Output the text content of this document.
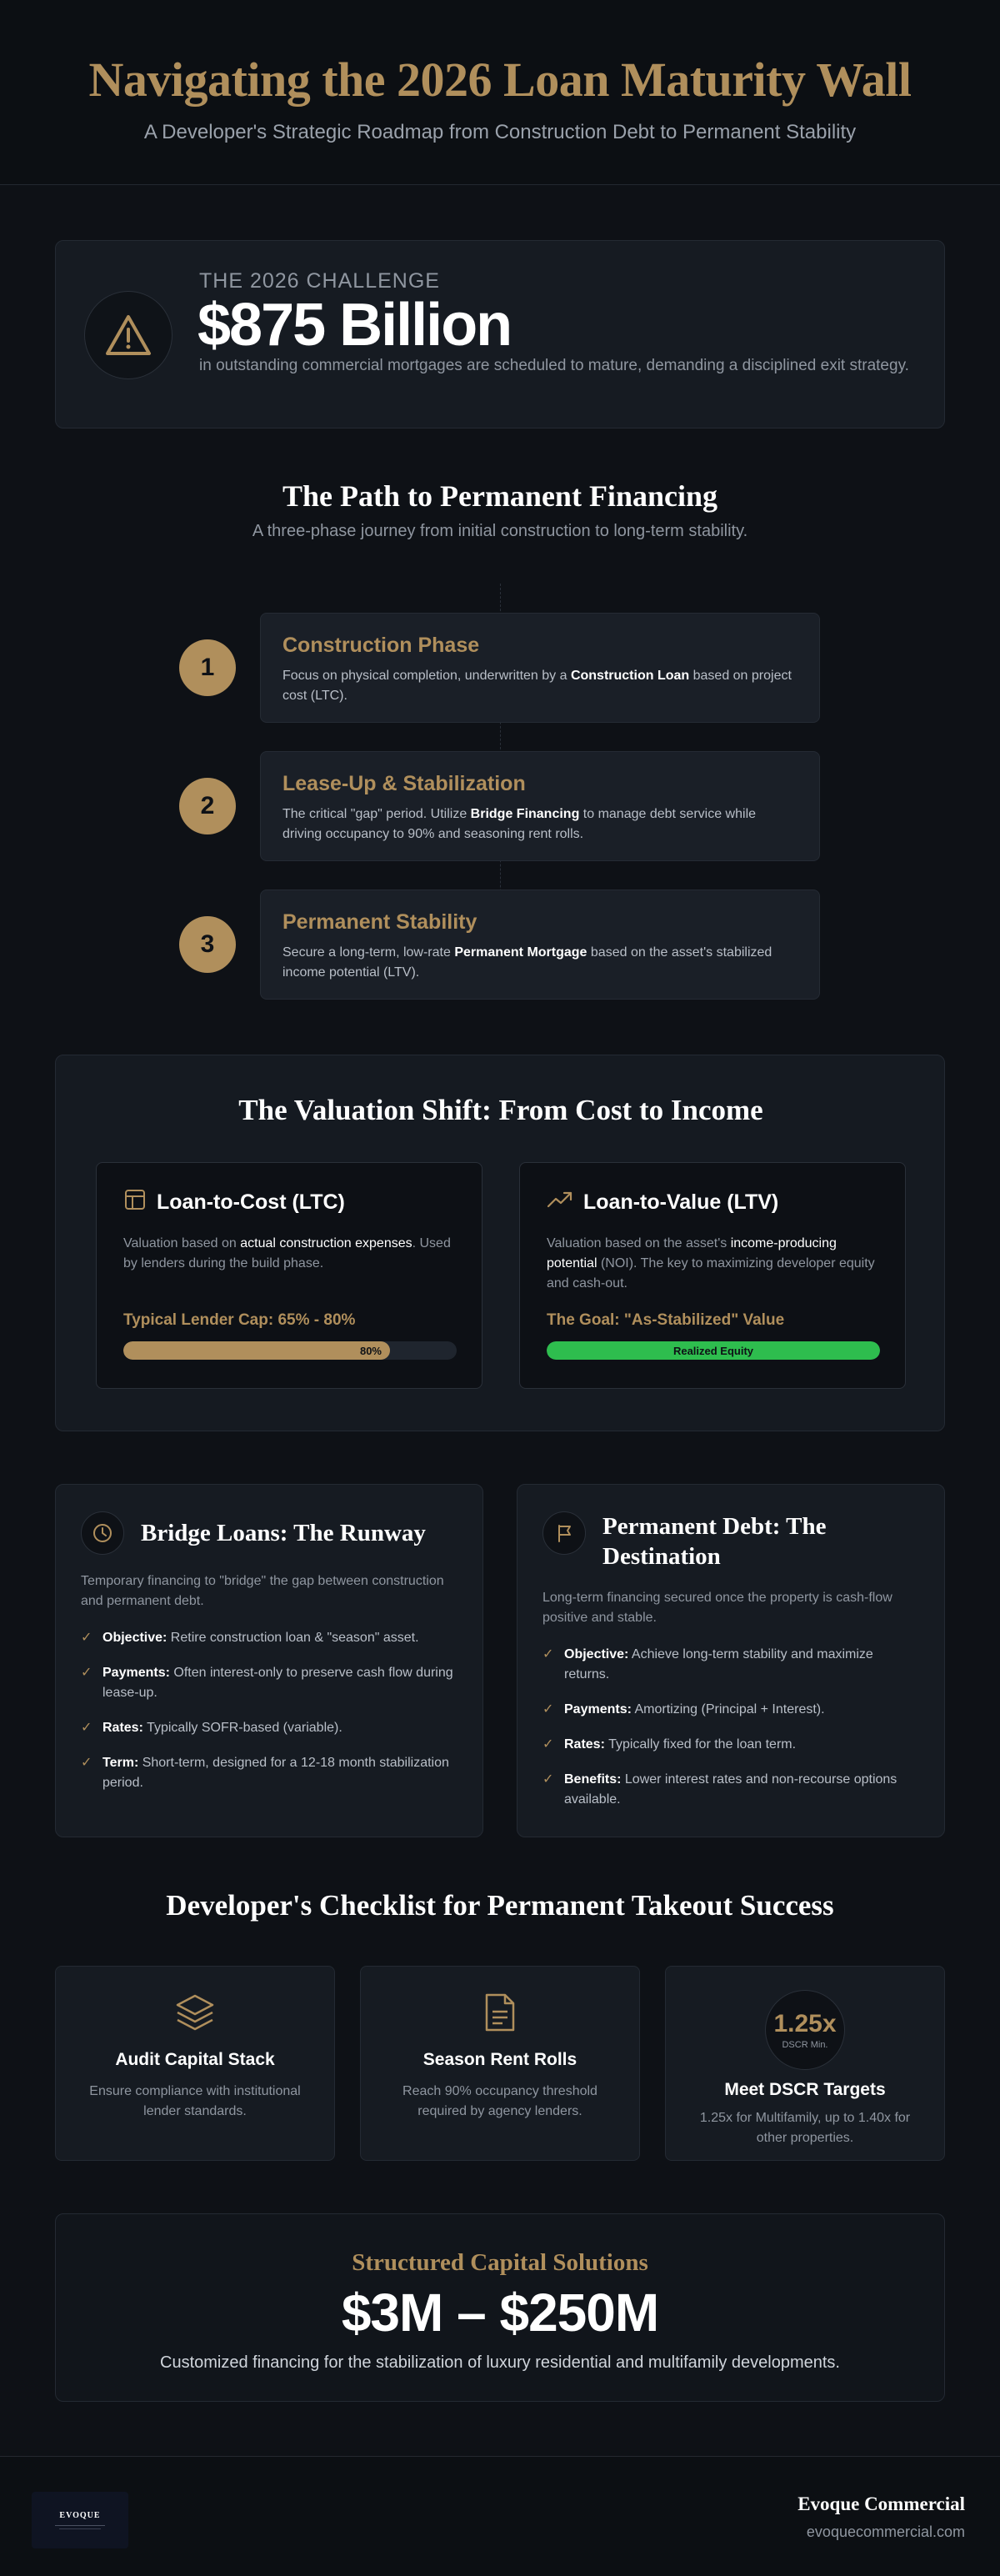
Navigating the 2026 Loan Maturity Wall

A Developer's Strategic Roadmap from Construction Debt to Permanent Stability

THE 2026 CHALLENGE
$875 Billion
in outstanding commercial mortgages are scheduled to mature, demanding a disciplined exit strategy.
The Path to Permanent Financing
A three-phase journey from initial construction to long-term stability.
1
Construction Phase

Focus on physical completion, underwritten by a Construction Loan based on project cost (LTC).

2
Lease-Up & Stabilization

The critical "gap" period. Utilize Bridge Financing to manage debt service while driving occupancy to 90% and seasoning rent rolls.

3
Permanent Stability

Secure a long-term, low-rate Permanent Mortgage based on the asset's stabilized income potential (LTV).

The Valuation Shift: From Cost to Income
Loan-to-Cost (LTC)

Valuation based on actual construction expenses. Used by lenders during the build phase.

Typical Lender Cap: 65% - 80%
80%
Loan-to-Value (LTV)

Valuation based on the asset's income-producing potential (NOI). The key to maximizing developer equity and cash-out.

The Goal: "As-Stabilized" Value
Realized Equity
Bridge Loans: The Runway
Temporary financing to "bridge" the gap between construction and permanent debt.
✓ Objective: Retire construction loan & "season" asset.
✓ Payments: Often interest-only to preserve cash flow during lease-up.
✓ Rates: Typically SOFR-based (variable).
✓ Term: Short-term, designed for a 12-18 month stabilization period.
Permanent Debt: The Destination
Long-term financing secured once the property is cash-flow positive and stable.
✓ Objective: Achieve long-term stability and maximize returns.
✓ Payments: Amortizing (Principal + Interest).
✓ Rates: Typically fixed for the loan term.
✓ Benefits: Lower interest rates and non-recourse options available.
Developer's Checklist for Permanent Takeout Success
Audit Capital Stack

Ensure compliance with institutional lender standards.

Season Rent Rolls

Reach 90% occupancy threshold required by agency lenders.

1.25x
DSCR Min.
Meet DSCR Targets

1.25x for Multifamily, up to 1.40x for other properties.

Structured Capital Solutions
$3M – $250M
Customized financing for the stabilization of luxury residential and multifamily developments.
EVOQUE
Evoque Commercial
evoquecommercial.com
